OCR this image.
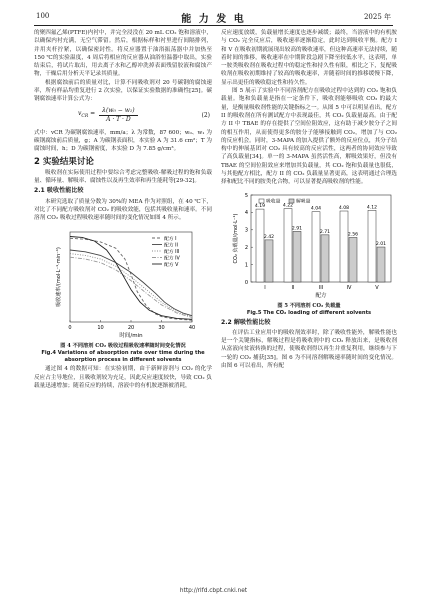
100	能 力 发 电	2025 年

的聚四氟乙烯(PTFE)内衬中，并完全浸没在 20 mL CO₂ 饱和溶液中，以确保内衬充满，无空气滞留。然后，根据标样和衬里进行间隔排列，并用夹杆拧紧，以确保密封性。将反应器置于油浴振荡器中并加热至 150 ℃的实验温度，4 周后将相应的反应器从油浴恒温器中取出，实验结束后，将试片取出，用去离子水和乙醇冲洗掉表面残留胶液和腐蚀产物，干燥后用分析天平记录其质量。

根据腐蚀前后的质量对比，计算不同吸收剂对 20 号碳钢的腐蚀速率，所有样品均重复进行 2 次实验，以保证实验数据的准确性[25]。碳钢腐蚀速率计算公式为：

$v_{CR} = \frac{\text{λ(w₀ − w₁)}}{A \cdot T \cdot D}$	(2)

式中：vCR 为碳钢腐蚀速率，mm/a；λ 为常数，87 600；w₀、w₁ 为碳钢腐蚀前后质量，g；A 为碳钢表面积，本实验 A 为 31.6 cm²；T 为腐蚀时间，h；D 为碳钢密度，本实验 D 为 7.85 g/cm³。

2 实验结果讨论

吸收剂在实际使用过程中要综合考虑完整吸收-解吸过程的饱和负载量、循环量、解吸率、腐蚀性以及再生效率和再生能耗等[29-32]。

2.1 吸收性能比较

本研究选取了质量分数为 30%的 MEA 作为对照组，在 40 ℃下，对比了不同配方吸收剂对 CO₂ 的吸收效能，包括其吸收量和速率。不同溶剂 CO₂ 吸收过程吸收速率随时间的变化情况如图 4 所示。

0	10	20	30	40
时间/min
吸收速率/(mol·L⁻¹·min⁻¹)
配方 I
配方 II
配方 III
配方 IV
配方 V
图 4 不同溶剂 CO₂ 吸收过程吸收速率随时间变化情况
Fig.4 Variations of absorption rate over time during the absorption process in different solvents

通过图 4 的数据可知：在实验初期，由于新鲜溶剂与 CO₂ 的化学反应占主导地位，且吸收剂较为充足，因此反应速度较快，导致 CO₂ 负载量迅速增加；随着反应的持续，溶液中的有机胺逐渐被消耗，

反应速度放缓，负载量增长速度也逐步减缓；最终，当溶液中的有机胺与 CO₂ 完全反应后，吸收速率逐渐稳定，此时达到吸收平衡。配方 I 和 V 在吸收初期就展现出较高的吸收速率，但这种高速率无法持续，随着时间的推移，吸收速率在中期阶段急剧下降至较低水平，这表明，单一胺类吸收剂在吸收过程中的稳定性和持久性有限，相比之下，复配吸收剂在吸收初期维持了较高的吸收速率，并随着时间的推移缓慢下降，显示出更佳的吸收稳定性和持久性。

图 5 展示了实验中不同溶剂配方在吸收过程中达到的 CO₂ 饱和负载量。饱和负载量是指在一定条件下，吸收剂能够吸收 CO₂ 的最大量，是衡量吸收剂性能的关键指标之一。从图 5 中可以明显看出，配方 II 的吸收剂在所有测试配方中表现最佳，其 CO₂ 负载量最高。由于配方 II 中 TBAE 的存在提供了空间位阻效应，这有助于减少胺分子之间的相互作用，从而使得更多的胺分子能够接触到 CO₂，增加了与 CO₂ 的反应机会。同时，3-MAPA 的加入提供了额外的反应位点，其分子结构中的伸展基团对 CO₂ 具有较高的反应活性，这两者的协同效应导致了高负载量[34]。单一的 3-MAPA 虽然活性高，解吸效果好，但没有 TBAE 的空间位阻效应来增加其负载量，其 CO₂ 饱和负载量也很低，与其他配方相比，配方 II 的 CO₂ 负载量显著更高，这表明通过合理选择和配比不同的胺类化合物，可以显著提高吸收剂的性能。

0
1
2
3
4
5
CO₂ 负载量/(mol·L⁻¹)
配方
4.19
2.42
I
4.22
2.91
II
4.04
2.71
III
4.08
2.56
IV
4.12
2.01
V
吸收量	解吸量
图 5 不同溶剂 CO₂ 负载量
Fig.5 The CO₂ loading of different solvents
2.2 解吸性能比较

在评估工业应用中的吸收剂效率时，除了吸收性能外，解吸性能也是一个关键指标，解吸过程是将吸收剂中的 CO₂ 释放出来，是吸收剂从富液向贫液转换的过程，使吸收剂得以再生并重复利用，继续参与下一轮的 CO₂ 捕获[35]。图 6 为不同溶剂解吸速率随时间的变化情况。由图 6 可以看出，所有配

http://rlfd.cbpt.cnki.net
